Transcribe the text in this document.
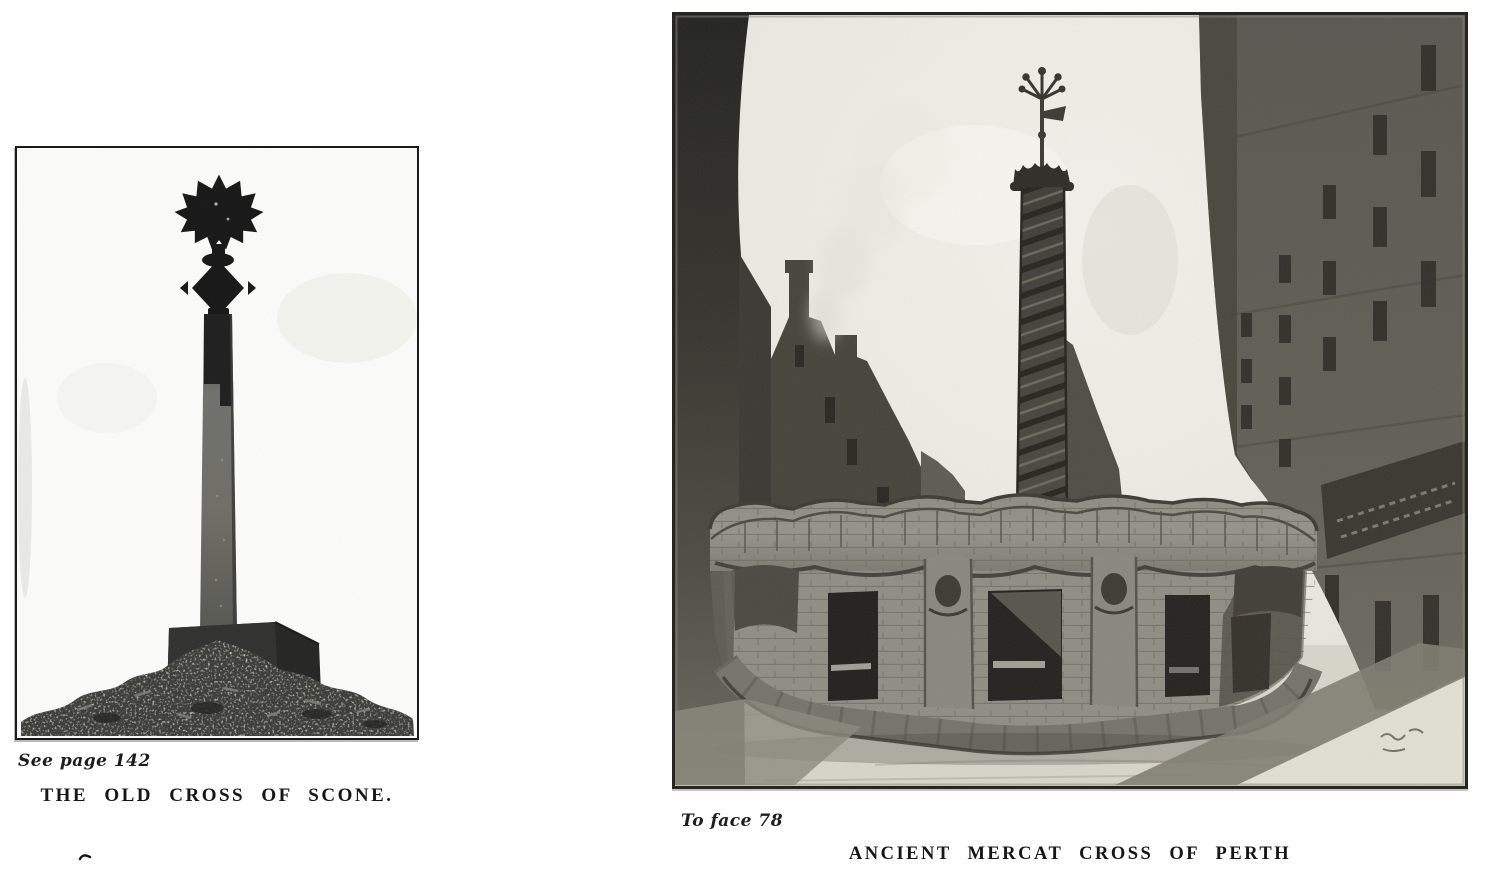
See page 142
THE OLD CROSS OF SCONE.
To face 78
ANCIENT MERCAT CROSS OF PERTH
